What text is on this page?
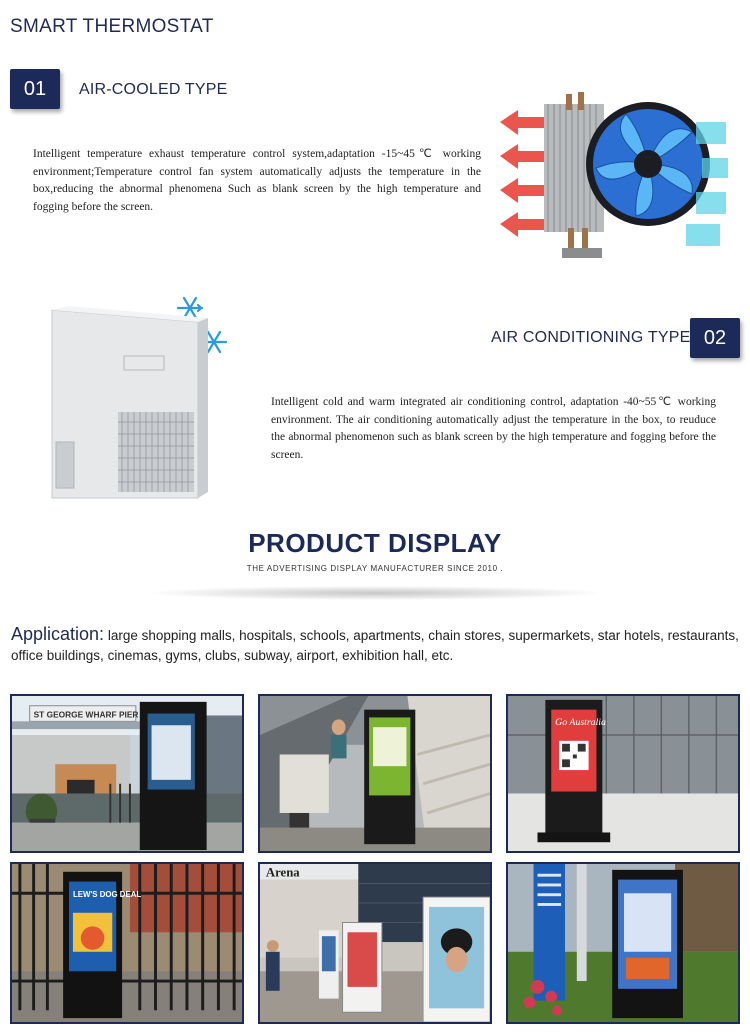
SMART THERMOSTAT
01	AIR-COOLED TYPE
Intelligent temperature exhaust temperature control system,adaptation -15~45℃ working environment;Temperature control fan system automatically adjusts the temperature in the box,reducing the abnormal phenomena Such as blank screen by the high temperature and fogging before the screen.
AIR CONDITIONING TYPE 02
Intelligent cold and warm integrated air conditioning control, adaptation -40~55℃ working environment. The air conditioning automatically adjust the temperature in the box, to reuduce the abnormal phenomenon such as blank screen by the high temperature and fogging before the screen.
PRODUCT DISPLAY
THE ADVERTISING DISPLAY MANUFACTURER SINCE 2010 .
Application: large shopping malls, hospitals, schools, apartments, chain stores, supermarkets, star hotels, restaurants, office buildings, cinemas, gyms, clubs, subway, airport, exhibition hall, etc.
ST GEORGE WHARF PIER
Go Australia
LEW'S DOG DEAL
Arena
